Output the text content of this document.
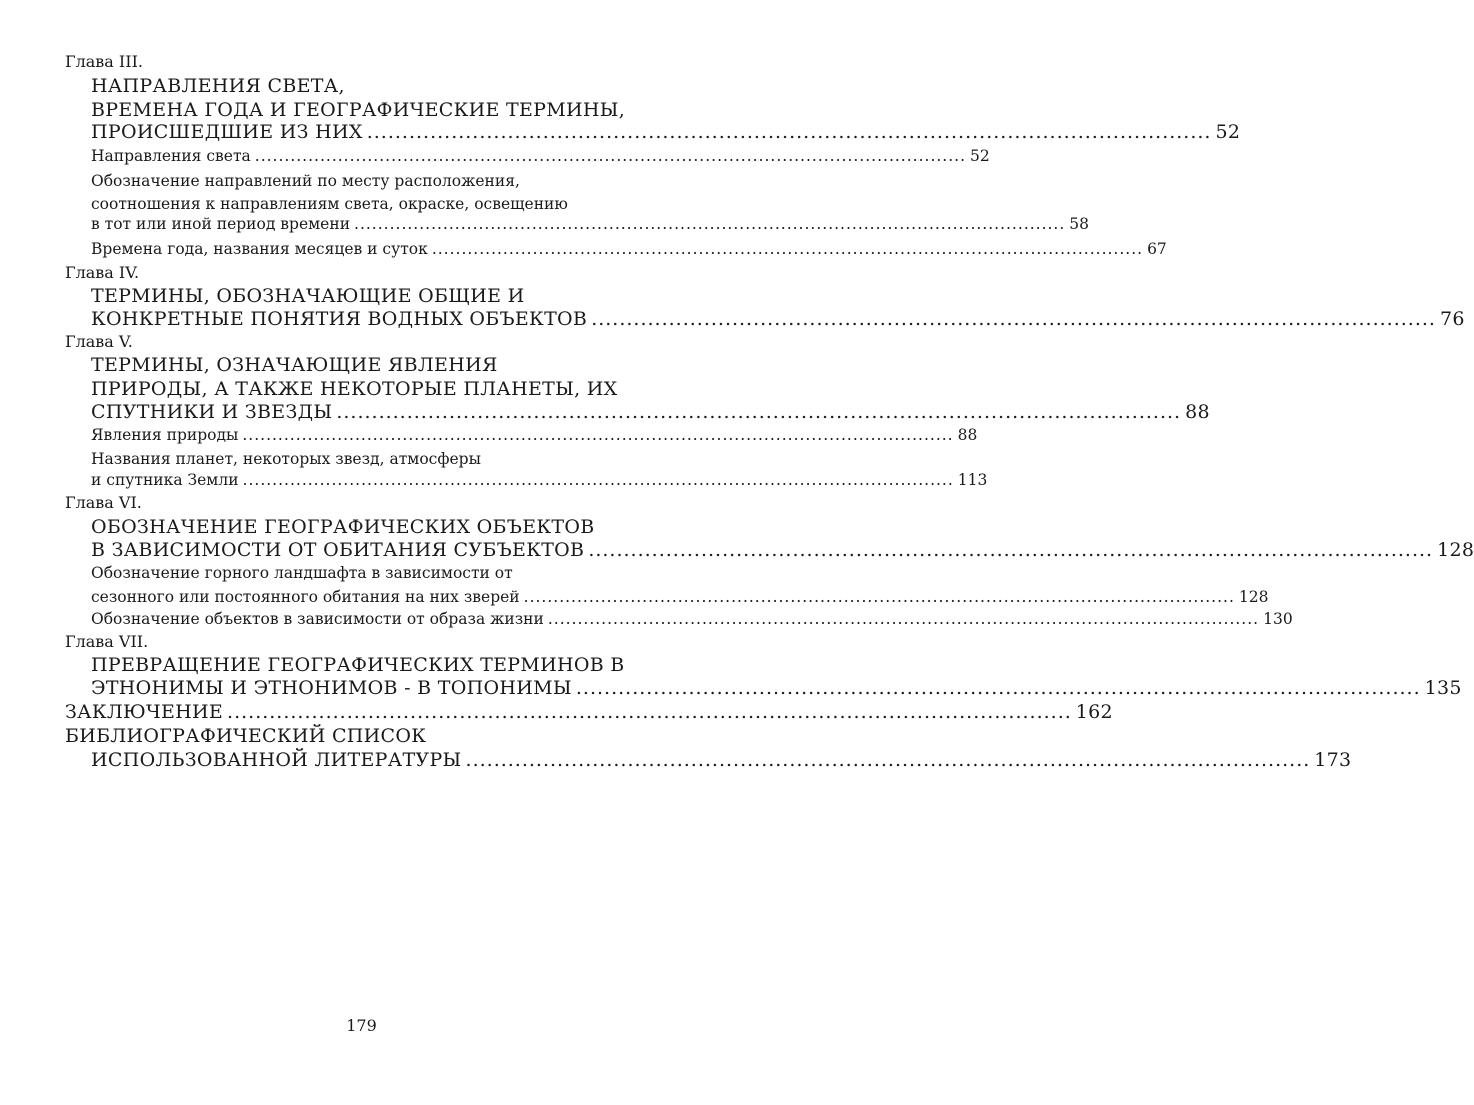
Глава III.
НАПРАВЛЕНИЯ СВЕТА,
ВРЕМЕНА ГОДА И ГЕОГРАФИЧЕСКИЕ ТЕРМИНЫ,
ПРОИСШЕДШИЕ ИЗ НИХ ........................................................................................................................ 52
Направления света ........................................................................................................................ 52
Обозначение направлений по месту расположения,
соотношения к направлениям света, окраске, освещению
в тот или иной период времени ........................................................................................................................ 58
Времена года, названия месяцев и суток ........................................................................................................................ 67
Глава IV.
ТЕРМИНЫ, ОБОЗНАЧАЮЩИЕ ОБЩИЕ И
КОНКРЕТНЫЕ ПОНЯТИЯ ВОДНЫХ ОБЪЕКТОВ ........................................................................................................................ 76
Глава V.
ТЕРМИНЫ, ОЗНАЧАЮЩИЕ ЯВЛЕНИЯ
ПРИРОДЫ, А ТАКЖЕ НЕКОТОРЫЕ ПЛАНЕТЫ, ИХ
СПУТНИКИ И ЗВЕЗДЫ ........................................................................................................................ 88
Явления природы ........................................................................................................................ 88
Названия планет, некоторых звезд, атмосферы
и спутника Земли ........................................................................................................................ 113
Глава VI.
ОБОЗНАЧЕНИЕ ГЕОГРАФИЧЕСКИХ ОБЪЕКТОВ
В ЗАВИСИМОСТИ ОТ ОБИТАНИЯ СУБЪЕКТОВ ........................................................................................................................ 128
Обозначение горного ландшафта в зависимости от
сезонного или постоянного обитания на них зверей ........................................................................................................................ 128
Обозначение объектов в зависимости от образа жизни ........................................................................................................................ 130
Глава VII.
ПРЕВРАЩЕНИЕ ГЕОГРАФИЧЕСКИХ ТЕРМИНОВ В
ЭТНОНИМЫ И ЭТНОНИМОВ - В ТОПОНИМЫ ........................................................................................................................ 135
ЗАКЛЮЧЕНИЕ ........................................................................................................................ 162
БИБЛИОГРАФИЧЕСКИЙ СПИСОК
ИСПОЛЬЗОВАННОЙ ЛИТЕРАТУРЫ ........................................................................................................................ 173
179
